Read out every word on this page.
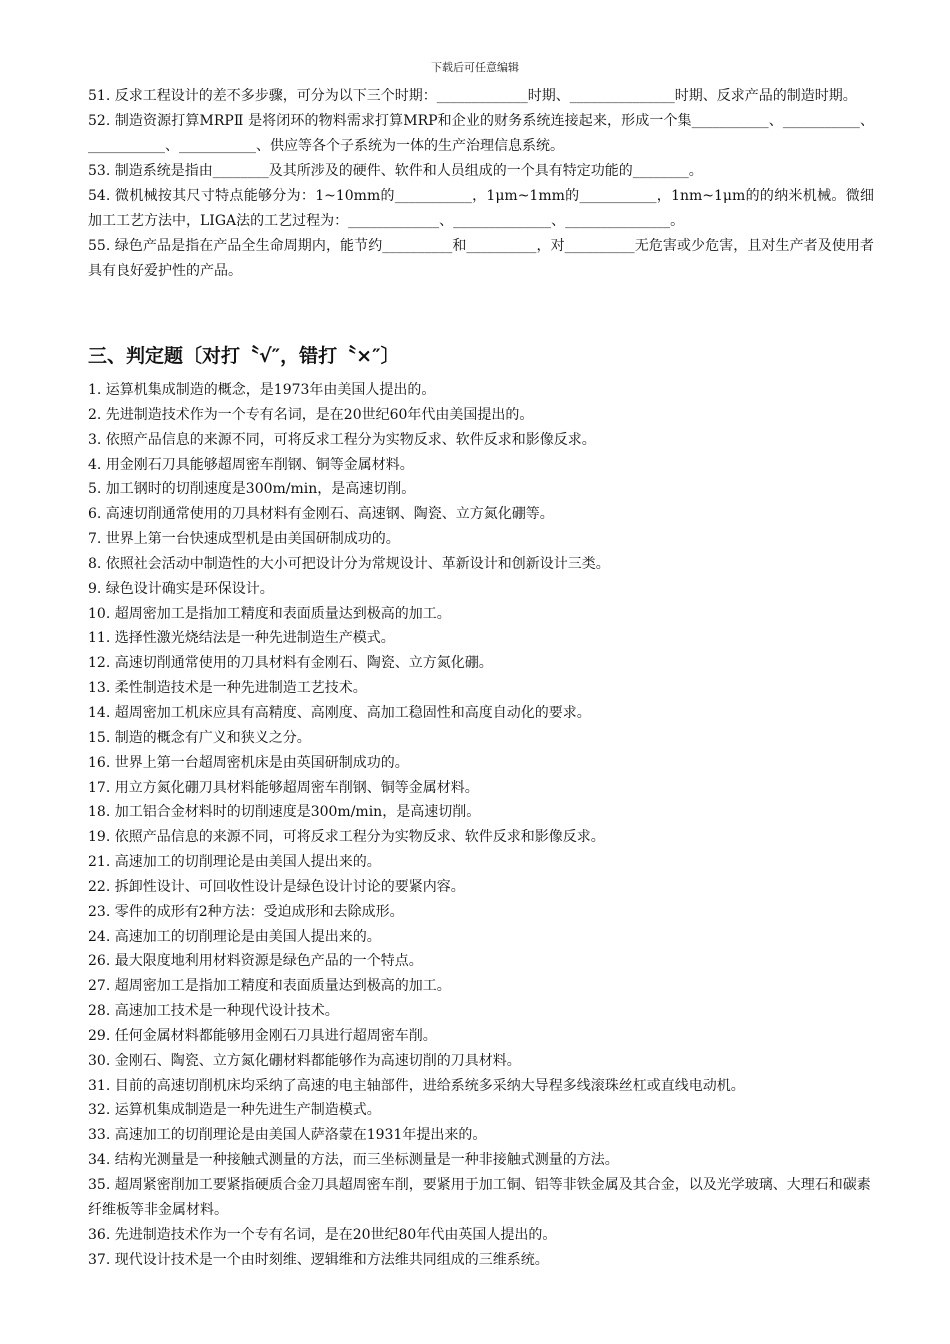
下载后可任意编辑

51. 反求工程设计的差不多步骤，可分为以下三个时期：_____________时期、_______________时期、反求产品的制造时期。

52. 制造资源打算MRPⅡ 是将闭环的物料需求打算MRP和企业的财务系统连接起来，形成一个集___________、___________、___________、___________、供应等各个子系统为一体的生产治理信息系统。

53. 制造系统是指由________及其所涉及的硬件、软件和人员组成的一个具有特定功能的________。

54. 微机械按其尺寸特点能够分为：1~10mm的___________，1μm~1mm的___________，1nm~1μm的的纳米机械。微细加工工艺方法中，LIGA法的工艺过程为：_____________、______________、_______________。

55. 绿色产品是指在产品全生命周期内，能节约__________和__________，对__________无危害或少危害，且对生产者及使用者具有良好爱护性的产品。

三、判定题〔对打〝√″，错打〝×″〕
1. 运算机集成制造的概念，是1973年由美国人提出的。
2. 先进制造技术作为一个专有名词，是在20世纪60年代由美国提出的。
3. 依照产品信息的来源不同，可将反求工程分为实物反求、软件反求和影像反求。
4. 用金刚石刀具能够超周密车削钢、铜等金属材料。
5. 加工钢时的切削速度是300m/min，是高速切削。
6. 高速切削通常使用的刀具材料有金刚石、高速钢、陶瓷、立方氮化硼等。
7. 世界上第一台快速成型机是由美国研制成功的。
8. 依照社会活动中制造性的大小可把设计分为常规设计、革新设计和创新设计三类。
9. 绿色设计确实是环保设计。
10. 超周密加工是指加工精度和表面质量达到极高的加工。
11. 选择性激光烧结法是一种先进制造生产模式。
12. 高速切削通常使用的刀具材料有金刚石、陶瓷、立方氮化硼。
13. 柔性制造技术是一种先进制造工艺技术。
14. 超周密加工机床应具有高精度、高刚度、高加工稳固性和高度自动化的要求。
15. 制造的概念有广义和狭义之分。
16. 世界上第一台超周密机床是由英国研制成功的。
17. 用立方氮化硼刀具材料能够超周密车削钢、铜等金属材料。
18. 加工铝合金材料时的切削速度是300m/min，是高速切削。
19. 依照产品信息的来源不同，可将反求工程分为实物反求、软件反求和影像反求。
21. 高速加工的切削理论是由美国人提出来的。
22. 拆卸性设计、可回收性设计是绿色设计讨论的要紧内容。
23. 零件的成形有2种方法：受迫成形和去除成形。
24. 高速加工的切削理论是由美国人提出来的。
26. 最大限度地利用材料资源是绿色产品的一个特点。
27. 超周密加工是指加工精度和表面质量达到极高的加工。
28. 高速加工技术是一种现代设计技术。
29. 任何金属材料都能够用金刚石刀具进行超周密车削。
30. 金刚石、陶瓷、立方氮化硼材料都能够作为高速切削的刀具材料。
31. 目前的高速切削机床均采纳了高速的电主轴部件，进给系统多采纳大导程多线滚珠丝杠或直线电动机。
32. 运算机集成制造是一种先进生产制造模式。
33. 高速加工的切削理论是由美国人萨洛蒙在1931年提出来的。
34. 结构光测量是一种接触式测量的方法，而三坐标测量是一种非接触式测量的方法。
35. 超周紧密削加工要紧指硬质合金刀具超周密车削，要紧用于加工铜、铝等非铁金属及其合金，以及光学玻璃、大理石和碳素纤维板等非金属材料。
36. 先进制造技术作为一个专有名词，是在20世纪80年代由英国人提出的。
37. 现代设计技术是一个由时刻维、逻辑维和方法维共同组成的三维系统。
